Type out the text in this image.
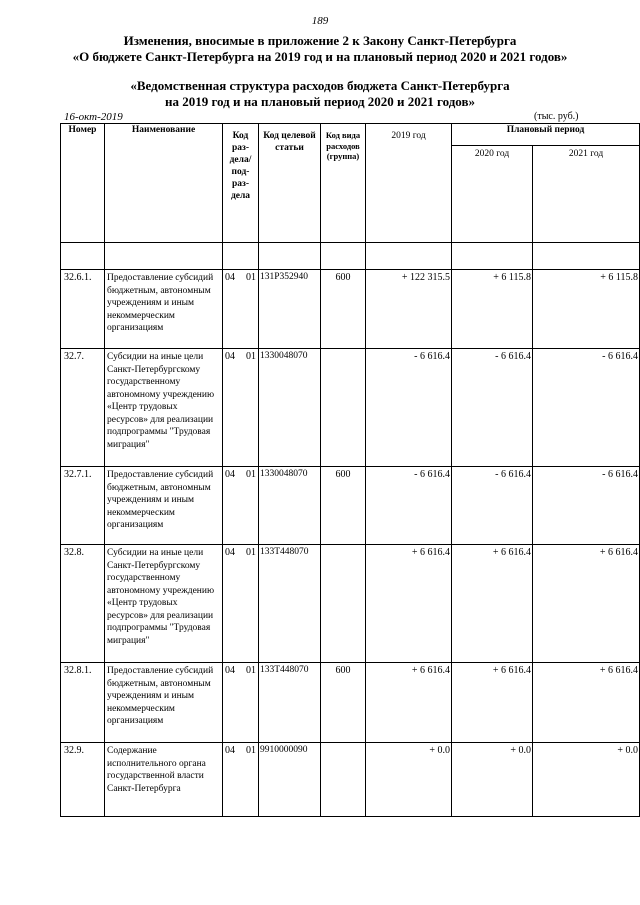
189
Изменения, вносимые в приложение 2 к Закону Санкт-Петербурга
«О бюджете Санкт-Петербурга на 2019 год и на плановый период 2020 и 2021 годов»
«Ведомственная структура расходов бюджета Санкт-Петербурга
на 2019 год и на плановый период 2020 и 2021 годов»
16-окт-2019	(тыс. руб.)
Номер	Наименование	Код раз- дела/ под- раз- дела	Код целевой статьи	Код вида расходов (группа)	2019 год	Плановый период	
						2020 год	2021 год

32.6.1.	Предоставление субсидий бюджетным, автономным учреждениям и иным некоммерческим организациям	04 01	131P352940	600	+ 122 315.5	+ 6 115.8	+ 6 115.8
32.7.	Субсидии на иные цели Санкт-Петербургскому государственному автономному учреждению «Центр трудовых ресурсов» для реализации подпрограммы "Трудовая миграция"	04 01	1330048070		- 6 616.4	- 6 616.4	- 6 616.4
32.7.1.	Предоставление субсидий бюджетным, автономным учреждениям и иным некоммерческим организациям	04 01	1330048070	600	- 6 616.4	- 6 616.4	- 6 616.4
32.8.	Субсидии на иные цели Санкт-Петербургскому государственному автономному учреждению «Центр трудовых ресурсов» для реализации подпрограммы "Трудовая миграция"	04 01	133T448070		+ 6 616.4	+ 6 616.4	+ 6 616.4
32.8.1.	Предоставление субсидий бюджетным, автономным учреждениям и иным некоммерческим организациям	04 01	133T448070	600	+ 6 616.4	+ 6 616.4	+ 6 616.4
32.9.	Содержание исполнительного органа государственной власти Санкт-Петербурга	04 01	9910000090		+ 0.0	+ 0.0	+ 0.0
